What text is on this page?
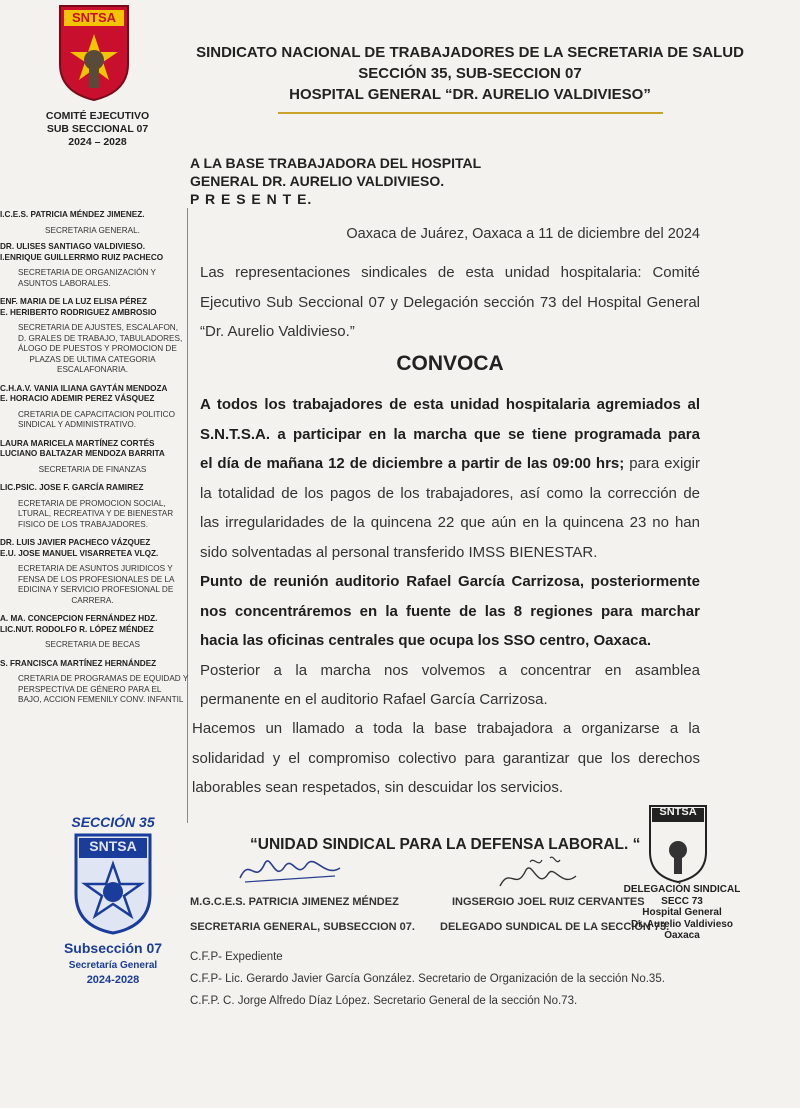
SNTSA
COMITÉ EJECUTIVO
SUB SECCIONAL 07
2024 – 2028
SINDICATO NACIONAL DE TRABAJADORES DE LA SECRETARIA DE SALUD
SECCIÓN 35, SUB-SECCION 07
HOSPITAL GENERAL “DR. AURELIO VALDIVIESO”
I.C.E.S. PATRICIA MÉNDEZ JIMENEZ.
SECRETARIA GENERAL.
DR. ULISES SANTIAGO VALDIVIESO.
I.ENRIQUE GUILLERRMO RUIZ PACHECO
SECRETARIA DE ORGANIZACIÓN Y
ASUNTOS LABORALES.
ENF. MARIA DE LA LUZ ELISA PÉREZ
E. HERIBERTO RODRIGUEZ AMBROSIO
SECRETARIA DE AJUSTES, ESCALAFON,
D. GRALES DE TRABAJO, TABULADORES,
ÁLOGO DE PUESTOS Y PROMOCION DE
PLAZAS DE ULTIMA CATEGORIA
ESCALAFONARIA.
C.H.A.V. VANIA ILIANA GAYTÁN MENDOZA
E. HORACIO ADEMIR PEREZ VÁSQUEZ
CRETARIA DE CAPACITACION POLITICO
SINDICAL Y ADMINISTRATIVO.
LAURA MARICELA MARTÍNEZ CORTÉS
LUCIANO BALTAZAR MENDOZA BARRITA
SECRETARIA DE FINANZAS
LIC.PSIC. JOSE F. GARCÍA RAMIREZ
ECRETARIA DE PROMOCION SOCIAL,
LTURAL, RECREATIVA Y DE BIENESTAR
FISICO DE LOS TRABAJADORES.
DR. LUIS JAVIER PACHECO VÁZQUEZ
E.U. JOSE MANUEL VISARRETEA VLQZ.
ECRETARIA DE ASUNTOS JURIDICOS Y
FENSA DE LOS PROFESIONALES DE LA
EDICINA Y SERVICIO PROFESIONAL DE
CARRERA.
A. MA. CONCEPCION FERNÁNDEZ HDZ.
LIC.NUT. RODOLFO R. LÓPEZ MÉNDEZ
SECRETARIA DE BECAS
S. FRANCISCA MARTÍNEZ HERNÁNDEZ
CRETARIA DE PROGRAMAS DE EQUIDAD Y
PERSPECTIVA DE GÉNERO PARA EL
BAJO, ACCION FEMENILY CONV. INFANTIL
A LA BASE TRABAJADORA DEL HOSPITAL
GENERAL DR. AURELIO VALDIVIESO.
P R E S E N T E.
Oaxaca de Juárez, Oaxaca a 11 de diciembre del 2024
Las representaciones sindicales de esta unidad hospitalaria: Comité
Ejecutivo Sub Seccional 07 y Delegación sección 73 del Hospital General
“Dr. Aurelio Valdivieso.”
CONVOCA
A todos los trabajadores de esta unidad hospitalaria agremiados al
S.N.T.S.A. a participar en la marcha que se tiene programada para
el día de mañana 12 de diciembre a partir de las 09:00 hrs; para exigir
la totalidad de los pagos de los trabajadores, así como la corrección de
las irregularidades de la quincena 22 que aún en la quincena 23 no han
sido solventadas al personal transferido IMSS BIENESTAR.
Punto de reunión auditorio Rafael García Carrizosa, posteriormente
nos concentráremos en la fuente de las 8 regiones para marchar
hacia las oficinas centrales que ocupa los SSO centro, Oaxaca.
Posterior a la marcha nos volvemos a concentrar en asamblea
permanente en el auditorio Rafael García Carrizosa.
Hacemos un llamado a toda la base trabajadora a organizarse a la
solidaridad y el compromiso colectivo para garantizar que los derechos
laborables sean respetados, sin descuidar los servicios.
“UNIDAD SINDICAL PARA LA DEFENSA LABORAL. “
M.G.C.E.S. PATRICIA JIMENEZ MÉNDEZ
SECRETARIA GENERAL, SUBSECCION 07.
INGSERGIO JOEL RUIZ CERVANTES
DELEGADO SUNDICAL DE LA SECCIÓN 73.
SNTSA
DELEGACIÓN SINDICAL
SECC 73
Hospital General
Dr. Aurelio Valdivieso
Oaxaca
SECCIÓN 35
SNTSA
Subsección 07
Secretaría General
2024-2028
C.F.P- Expediente
C.F.P- Lic. Gerardo Javier García González. Secretario de Organización de la sección No.35.
C.F.P. C. Jorge Alfredo Díaz López. Secretario General de la sección No.73.
